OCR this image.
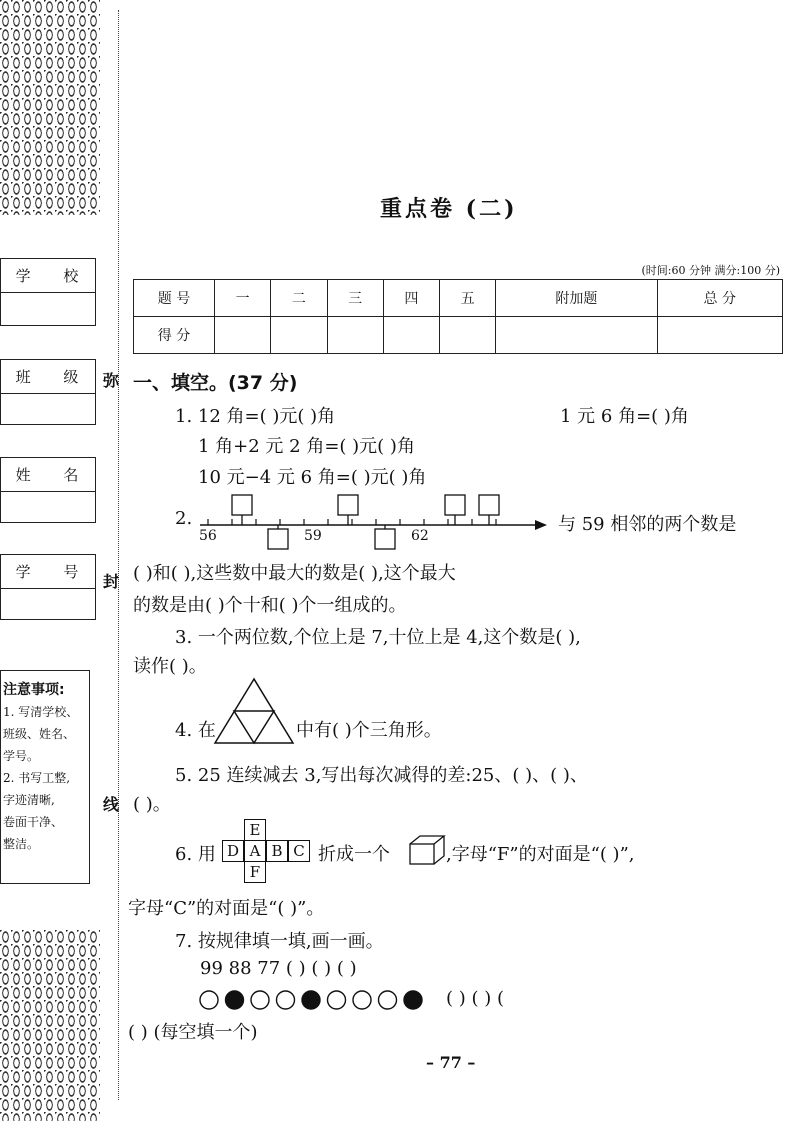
学 校
班 级
姓 名
学 号
弥
封
线
注意事项:
1. 写清学校、
班级、姓名、
学号。
2. 书写工整,
字迹清晰,
卷面干净、
整洁。
重点卷 (二)
(时间:60 分钟 满分:100 分)
题 号	一	二	三	四	五	附加题	总 分
得 分							
一、填空。(37 分)
1. 12 角=( )元( )角	1 元 6 角=( )角
1 角+2 元 2 角=( )元( )角
10 元−4 元 6 角=( )元( )角
2.
56	59	62
与 59 相邻的两个数是
( )和( ),这些数中最大的数是( ),这个最大
的数是由( )个十和( )个一组成的。
3. 一个两位数,个位上是 7,十位上是 4,这个数是( ),
读作( )。
4. 在	中有( )个三角形。
5. 25 连续减去 3,写出每次减得的差:25、( )、( )、
( )。
6. 用
E
D A B C
F
折成一个	,字母“F”的对面是“( )”,
字母“C”的对面是“( )”。
7. 按规律填一填,画一画。
99 88 77 ( ) ( ) ( )
( ) ( ) (
( ) (每空填一个)
– 77 –
